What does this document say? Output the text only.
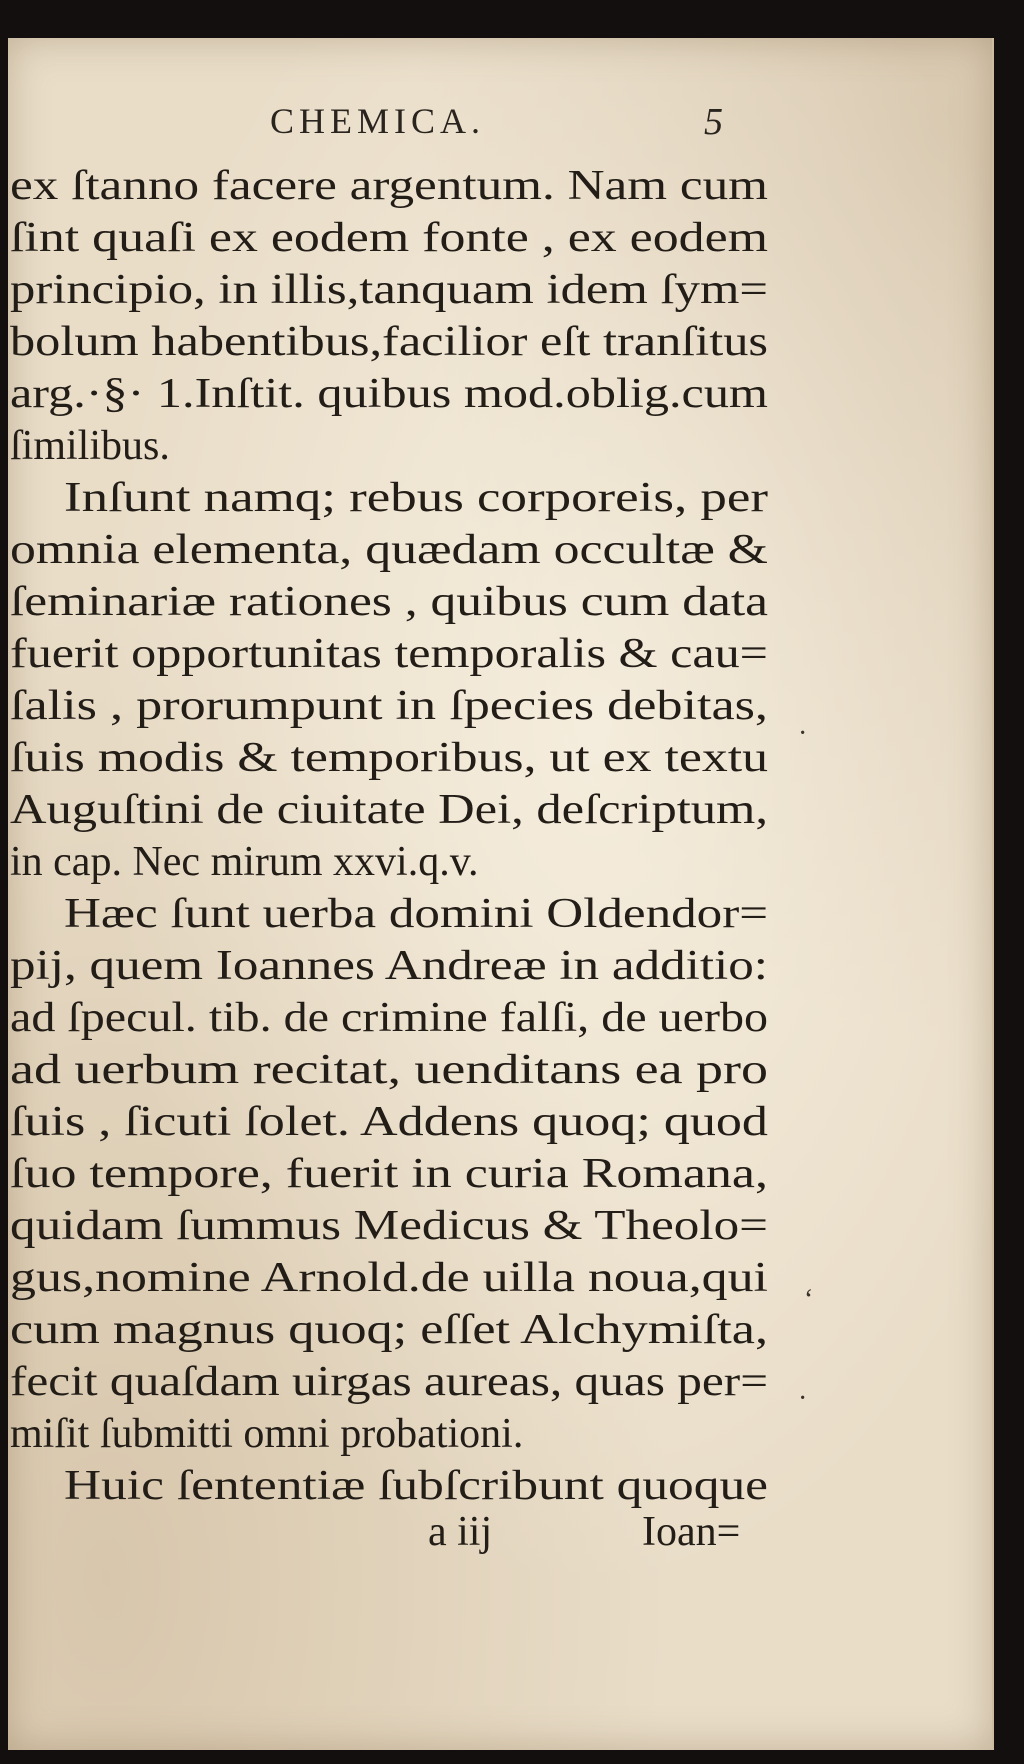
CHEMICA.	5
ex ſtanno facere argentum. Nam cum
ſint quaſi ex eodem fonte , ex eodem
principio, in illis,tanquam idem ſym=
bolum habentibus,facilior eſt tranſitus
arg.·§· 1.Inſtit. quibus mod.oblig.cum
ſimilibus.
Inſunt namq; rebus corporeis, per
omnia elementa, quædam occultæ &
ſeminariæ rationes , quibus cum data
fuerit opportunitas temporalis & cau=
ſalis , prorumpunt in ſpecies debitas,
ſuis modis & temporibus, ut ex textu
Auguſtini de ciuitate Dei, deſcriptum,
in cap. Nec mirum xxvi.q.v.
Hæc ſunt uerba domini Oldendor=
pij, quem Ioannes Andreæ in additio:
ad ſpecul. tib. de crimine falſi, de uerbo
ad uerbum recitat, uenditans ea pro
ſuis , ſicuti ſolet. Addens quoq; quod
ſuo tempore, fuerit in curia Romana,
quidam ſummus Medicus & Theolo=
gus,nomine Arnold.de uilla noua,qui
cum magnus quoq; eſſet Alchymiſta,
fecit quaſdam uirgas aureas, quas per=
miſit ſubmitti omni probationi.
Huic ſententiæ ſubſcribunt quoque
a iij	Ioan=
ʻ
·
·
